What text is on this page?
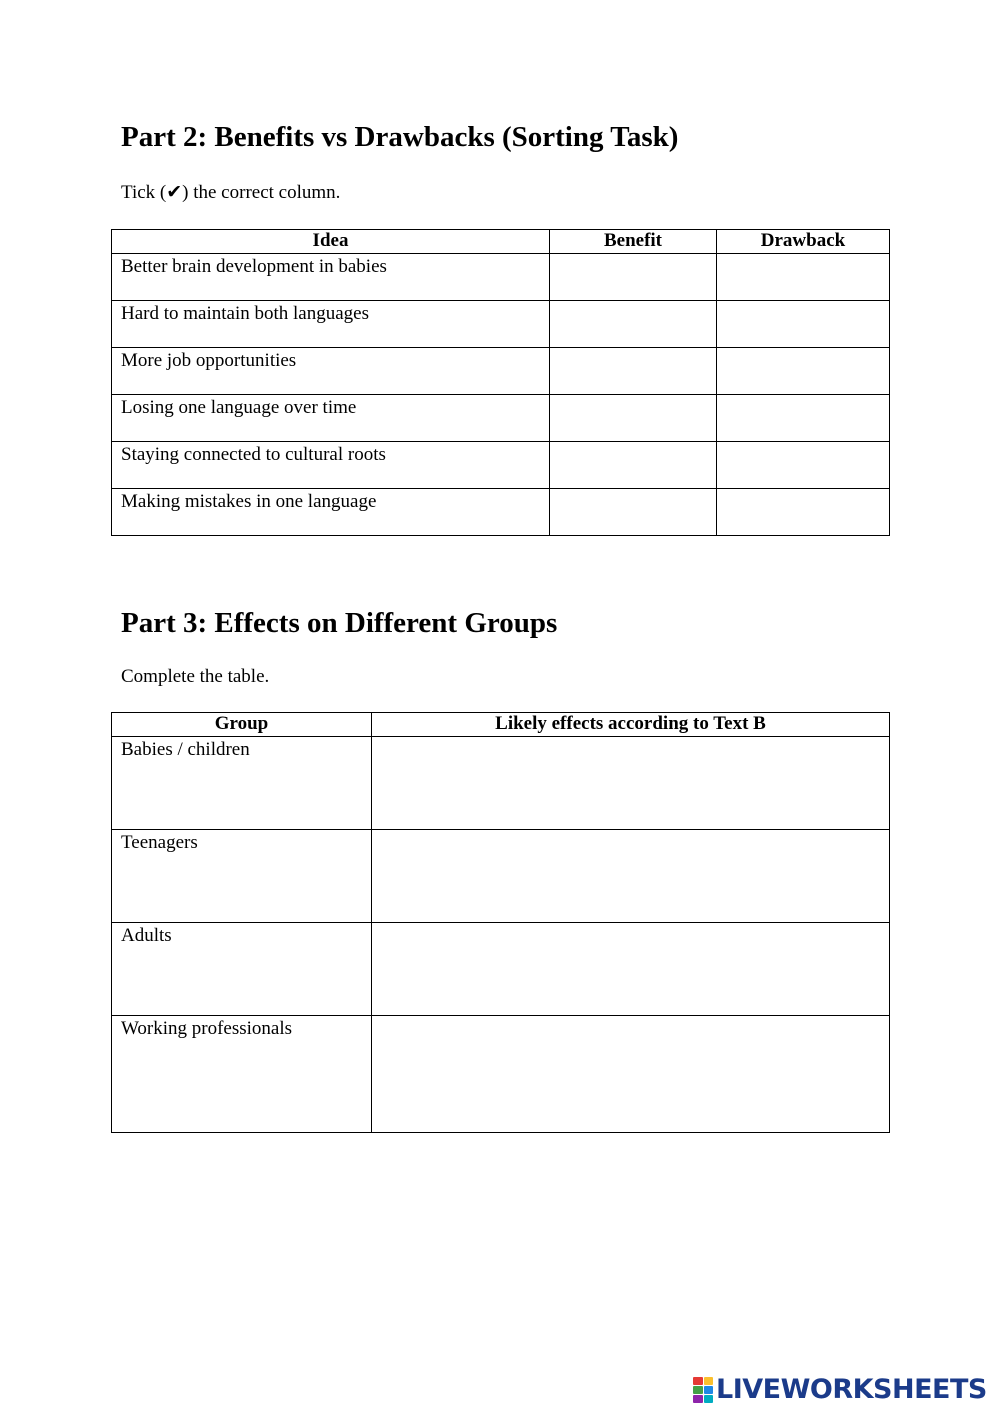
Part 2: Benefits vs Drawbacks (Sorting Task)

Tick (✔) the correct column.

Idea	Benefit	Drawback
Better brain development in babies		
Hard to maintain both languages		
More job opportunities		
Losing one language over time		
Staying connected to cultural roots		
Making mistakes in one language		
Part 3: Effects on Different Groups

Complete the table.

Group	Likely effects according to Text B
Babies / children	
Teenagers	
Adults	
Working professionals	
LIVEWORKSHEETS
